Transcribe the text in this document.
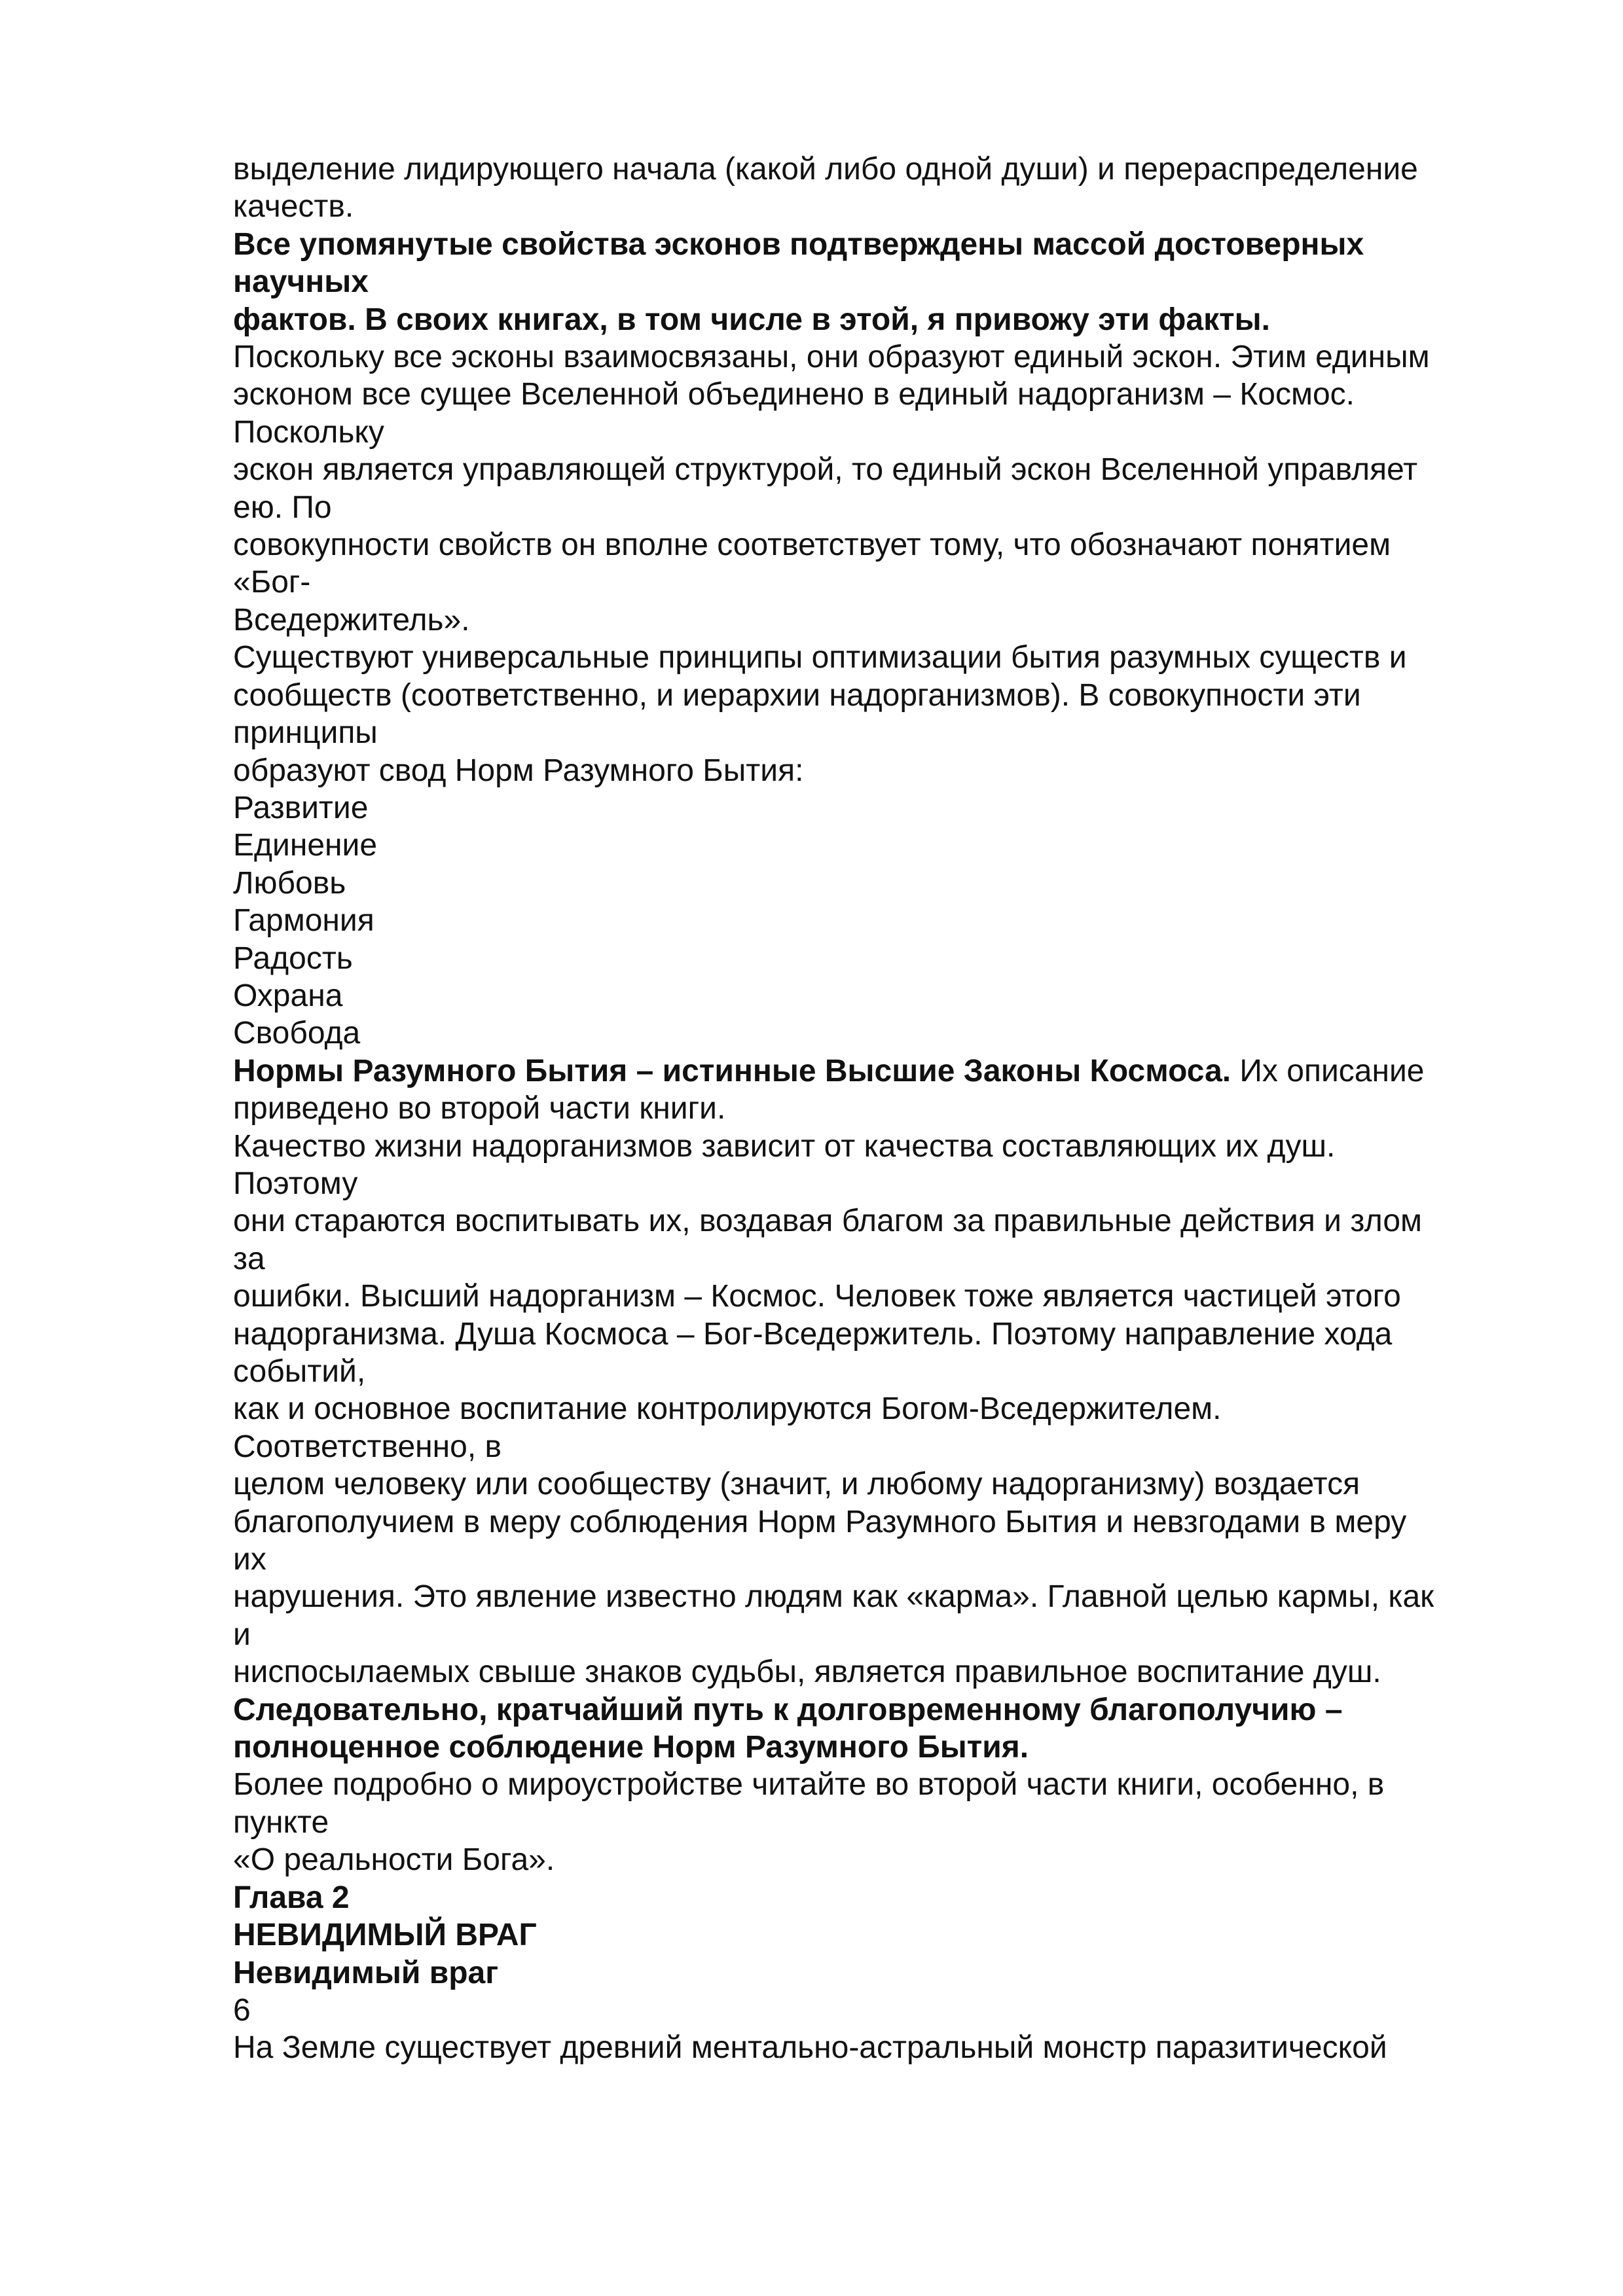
выделение лидирующего начала (какой либо одной души) и перераспределение
качеств.
Все упомянутые свойства эсконов подтверждены массой достоверных
научных
фактов. В своих книгах, в том числе в этой, я привожу эти факты.
Поскольку все эсконы взаимосвязаны, они образуют единый эскон. Этим единым
эсконом все сущее Вселенной объединено в единый надорганизм – Космос.
Поскольку
эскон является управляющей структурой, то единый эскон Вселенной управляет
ею. По
совокупности свойств он вполне соответствует тому, что обозначают понятием
«Бог-
Вседержитель».
Существуют универсальные принципы оптимизации бытия разумных существ и
сообществ (соответственно, и иерархии надорганизмов). В совокупности эти
принципы
образуют свод Норм Разумного Бытия:
Развитие
Единение
Любовь
Гармония
Радость
Охрана
Свобода
Нормы Разумного Бытия – истинные Высшие Законы Космоса. Их описание
приведено во второй части книги.
Качество жизни надорганизмов зависит от качества составляющих их душ.
Поэтому
они стараются воспитывать их, воздавая благом за правильные действия и злом
за
ошибки. Высший надорганизм – Космос. Человек тоже является частицей этого
надорганизма. Душа Космоса – Бог-Вседержитель. Поэтому направление хода
событий,
как и основное воспитание контролируются Богом-Вседержителем.
Соответственно, в
целом человеку или сообществу (значит, и любому надорганизму) воздается
благополучием в меру соблюдения Норм Разумного Бытия и невзгодами в меру
их
нарушения. Это явление известно людям как «карма». Главной целью кармы, как
и
ниспосылаемых свыше знаков судьбы, является правильное воспитание душ.
Следовательно, кратчайший путь к долговременному благополучию –
полноценное соблюдение Норм Разумного Бытия.
Более подробно о мироустройстве читайте во второй части книги, особенно, в
пункте
«О реальности Бога».
Глава 2
НЕВИДИМЫЙ ВРАГ
Невидимый враг
6
На Земле существует древний ментально-астральный монстр паразитической
